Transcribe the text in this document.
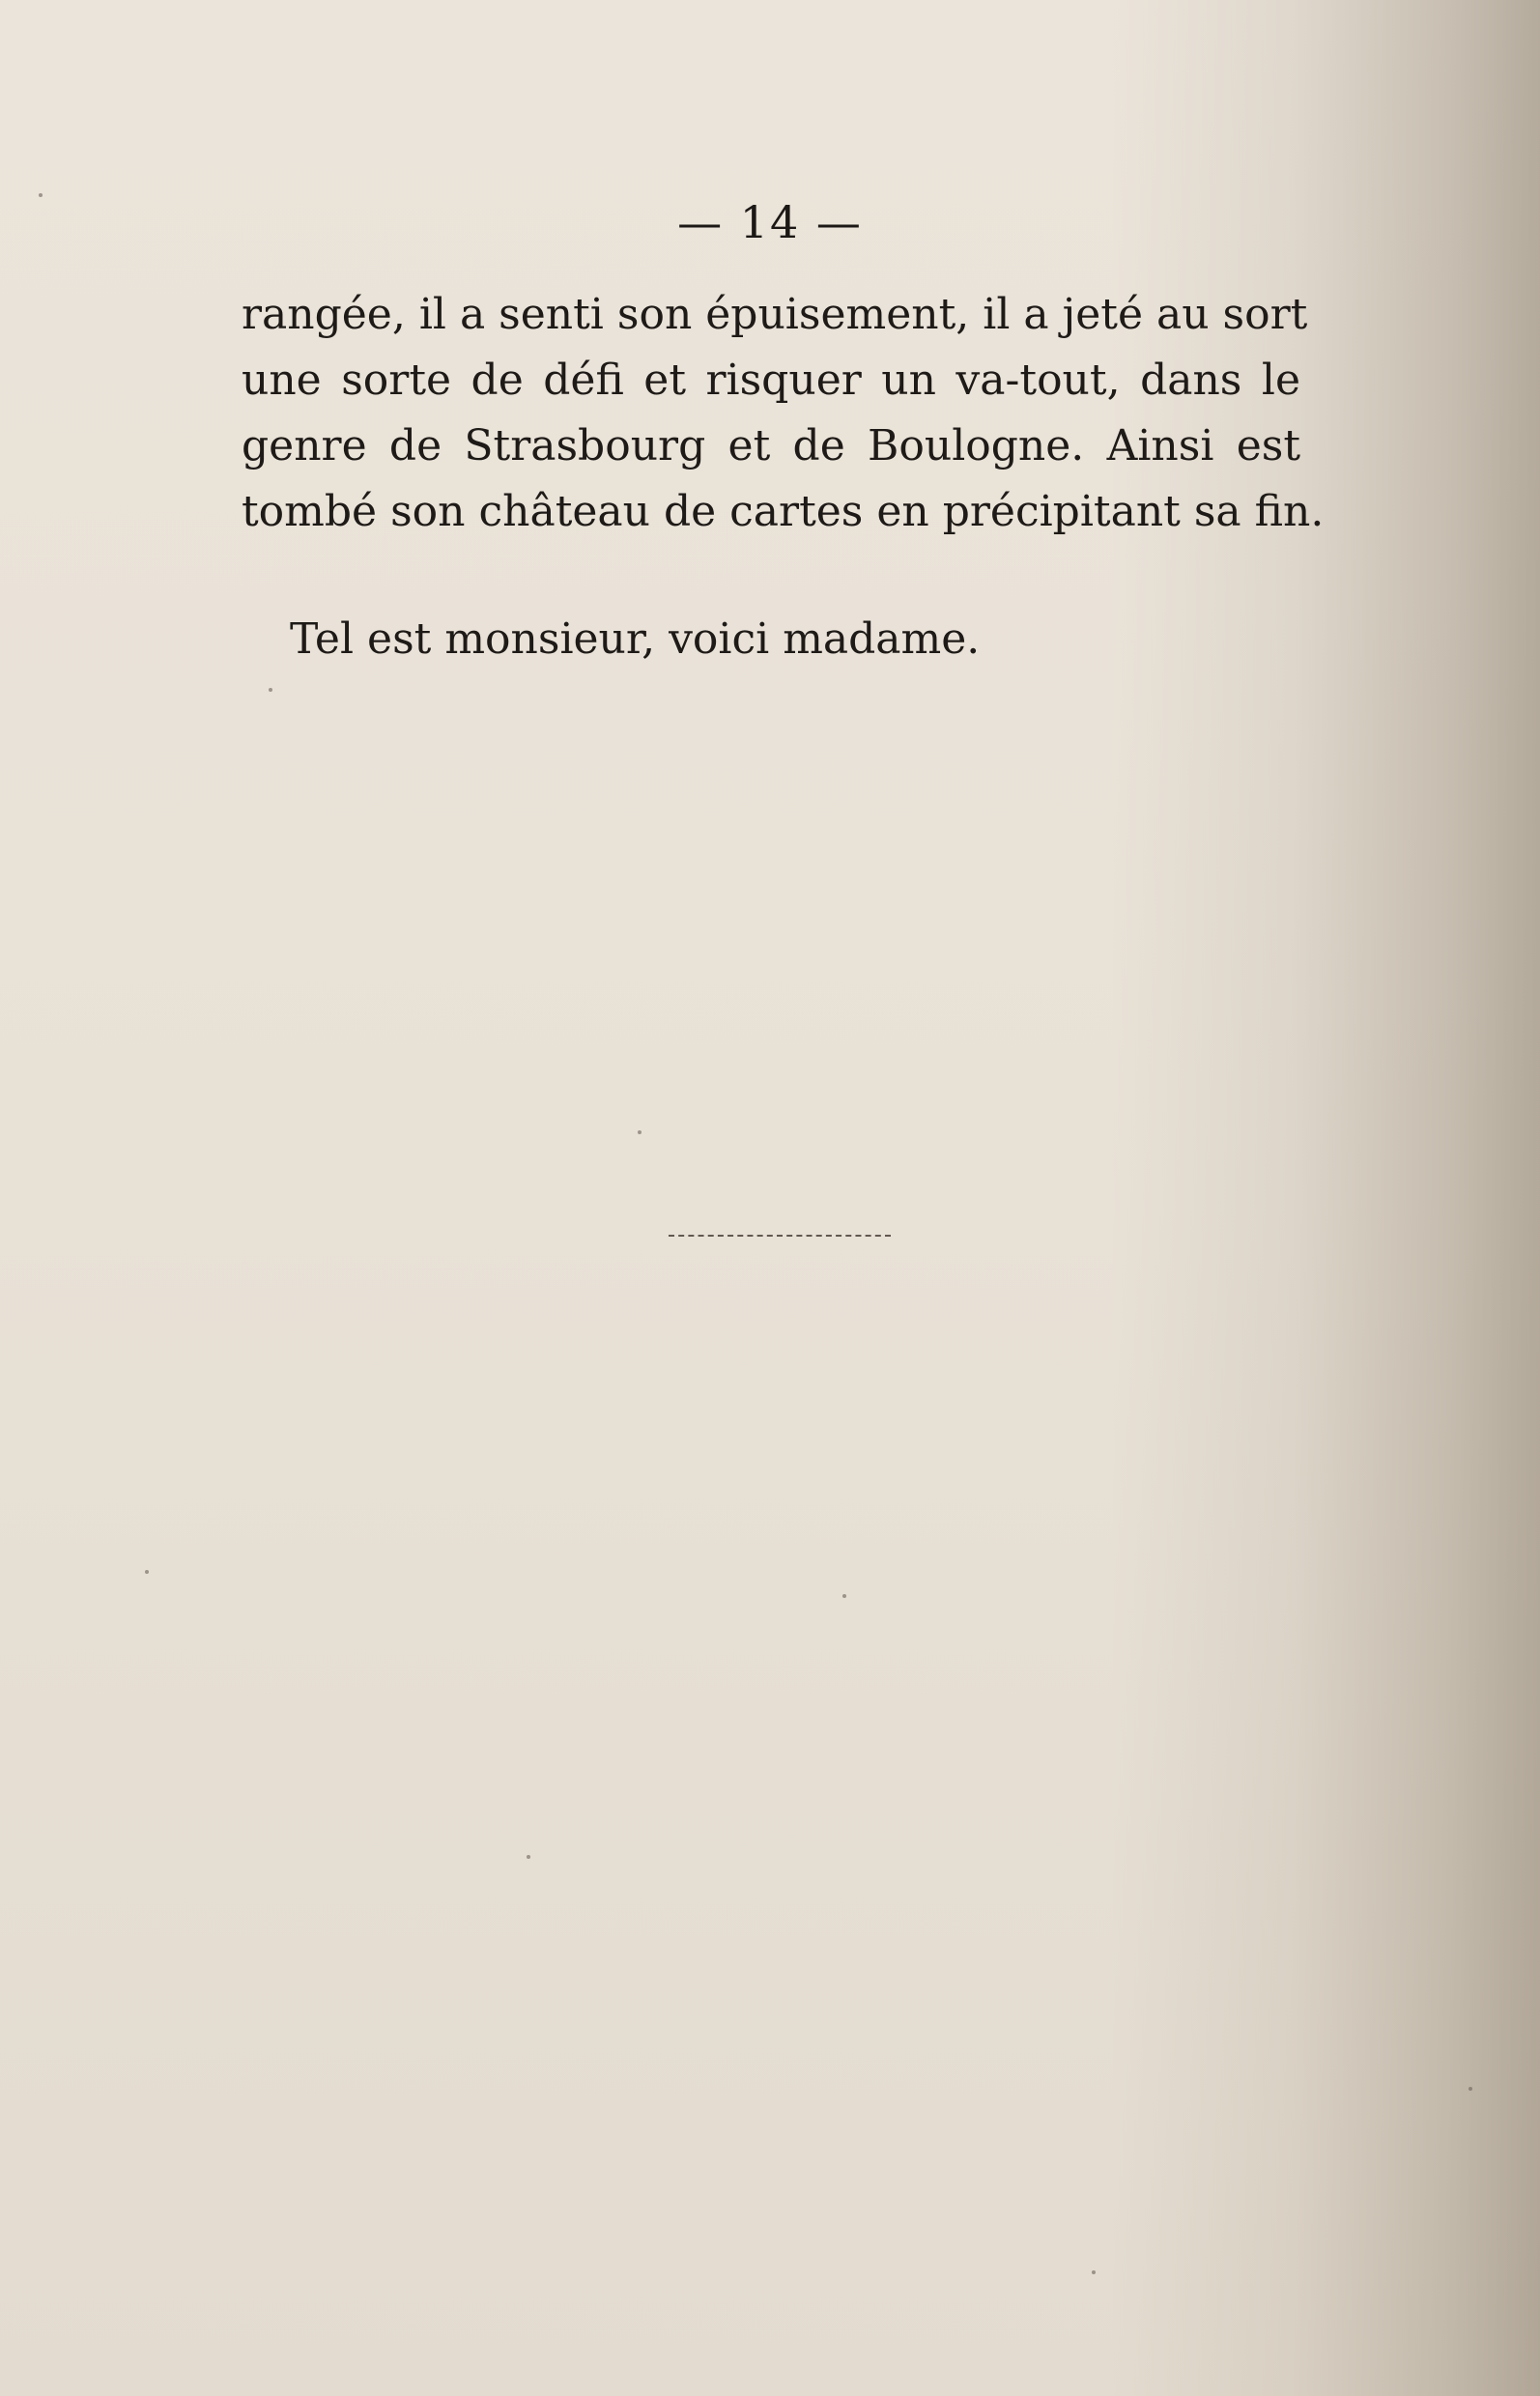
— 14 —
rangée, il a senti son épuisement, il a jeté au sort
une sorte de défi et risquer un va-tout, dans le
genre de Strasbourg et de Boulogne. Ainsi est
tombé son château de cartes en précipitant sa fin.
Tel est monsieur, voici madame.
